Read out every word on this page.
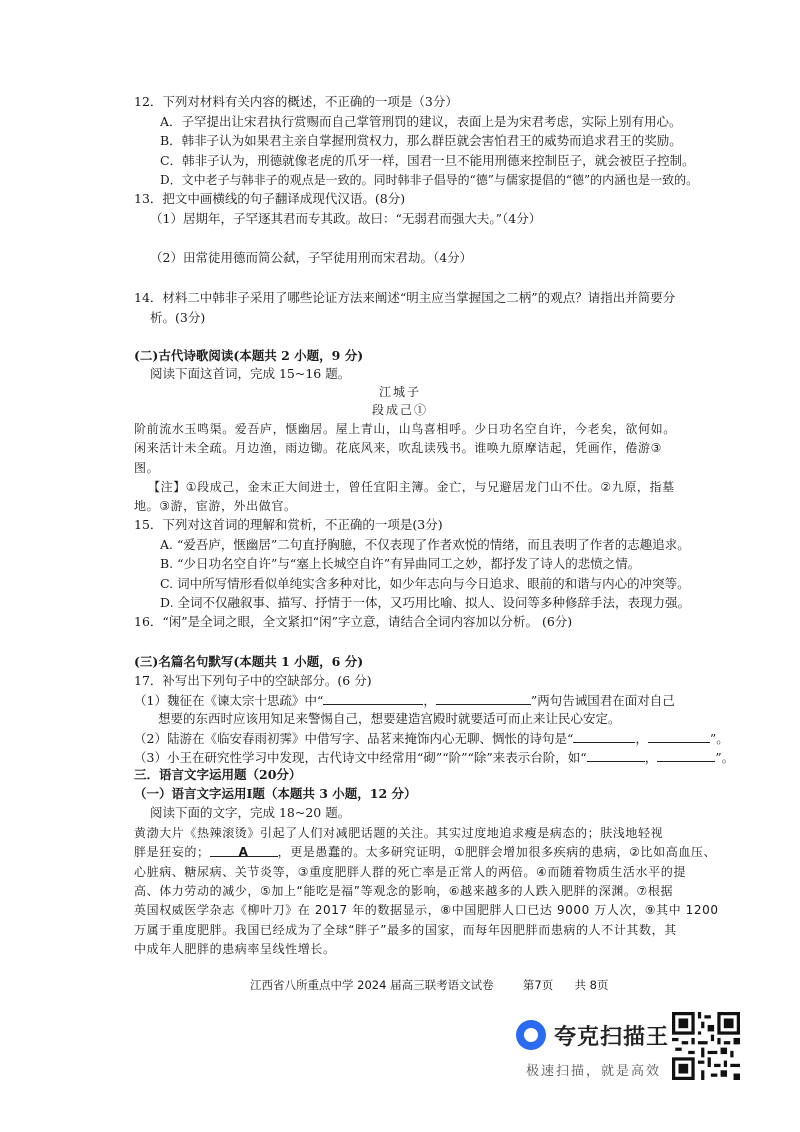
12．下列对材料有关内容的概述，不正确的一项是（3分）
A．子罕提出让宋君执行赏赐而自己掌管刑罚的建议，表面上是为宋君考虑，实际上别有用心。
B．韩非子认为如果君主亲自掌握刑赏权力，那么群臣就会害怕君王的威势而追求君王的奖励。
C．韩非子认为，刑德就像老虎的爪牙一样，国君一旦不能用刑德来控制臣子，就会被臣子控制。
D．文中老子与韩非子的观点是一致的。同时韩非子倡导的“德”与儒家提倡的“德”的内涵也是一致的。
13．把文中画横线的句子翻译成现代汉语。(8分)
（1）居期年，子罕逐其君而专其政。故曰：“无弱君而强大夫。”（4分）
（2）田常徒用德而简公弑，子罕徒用刑而宋君劫。（4分）
14．材料二中韩非子采用了哪些论证方法来阐述“明主应当掌握国之二柄”的观点？请指出并简要分
析。(3分)
(二)古代诗歌阅读(本题共 2 小题，9 分)
阅读下面这首词，完成 15~16 题。
江城子
段成己①
阶前流水玉鸣渠。爱吾庐，惬幽居。屋上青山，山鸟喜相呼。少日功名空自许，今老矣，欲何如。
闲来活计未全疏。月边渔，雨边锄。花底风来，吹乱读残书。谁唤九原摩诘起，凭画作，倦游③
图。
【注】①段成己，金末正大间进士，曾任宜阳主簿。金亡，与兄避居龙门山不仕。②九原，指墓
地。③游，宦游，外出做官。
15．下列对这首词的理解和赏析，不正确的一项是(3分)
A. “爱吾庐，惬幽居”二句直抒胸臆，不仅表现了作者欢悦的情绪，而且表明了作者的志趣追求。
B. “少日功名空自许”与“塞上长城空自许”有异曲同工之妙，都抒发了诗人的悲愤之情。
C. 词中所写情形看似单纯实含多种对比，如少年志向与今日追求、眼前的和谐与内心的冲突等。
D. 全词不仅融叙事、描写、抒情于一体，又巧用比喻、拟人、设问等多种修辞手法，表现力强。
16．“闲”是全词之眼，全文紧扣“闲”字立意，请结合全词内容加以分析。 (6分)
(三)名篇名句默写(本题共 1 小题，6 分)
17．补写出下列句子中的空缺部分。(6 分)
（1）魏征在《谏太宗十思疏》中“	，	”两句告诫国君在面对自己
想要的东西时应该用知足来警惕自己，想要建造宫殿时就要适可而止来让民心安定。
（2）陆游在《临安春雨初霁》中借写字、品茗来掩饰内心无聊、惆怅的诗句是“	，	”。
（3）小王在研究性学习中发现，古代诗文中经常用“砌”“阶”“除”来表示台阶，如“	，	”。
三．语言文字运用题（20分）
（一）语言文字运用Ⅰ题（本题共 3 小题，12 分）
阅读下面的文字，完成 18~20 题。
黄渤大片《热辣滚烫》引起了人们对减肥话题的关注。其实过度地追求瘦是病态的；肤浅地轻视
胖是狂妄的； A ，更是愚蠢的。太多研究证明，①肥胖会增加很多疾病的患病，②比如高血压、
心脏病、糖尿病、关节炎等，③重度肥胖人群的死亡率是正常人的两倍。④而随着物质生活水平的提
高、体力劳动的减少，⑤加上“能吃是福”等观念的影响，⑥越来越多的人跌入肥胖的深渊。⑦根据
英国权威医学杂志《柳叶刀》在 2017 年的数据显示，⑧中国肥胖人口已达 9000 万人次，⑨其中 1200
万属于重度肥胖。我国已经成为了全球“胖子”最多的国家，而每年因肥胖而患病的人不计其数，其
中成年人肥胖的患病率呈线性增长。
江西省八所重点中学 2024 届高三联考语文试卷	第7页 共 8页
夸克扫描王
极速扫描，就是高效
